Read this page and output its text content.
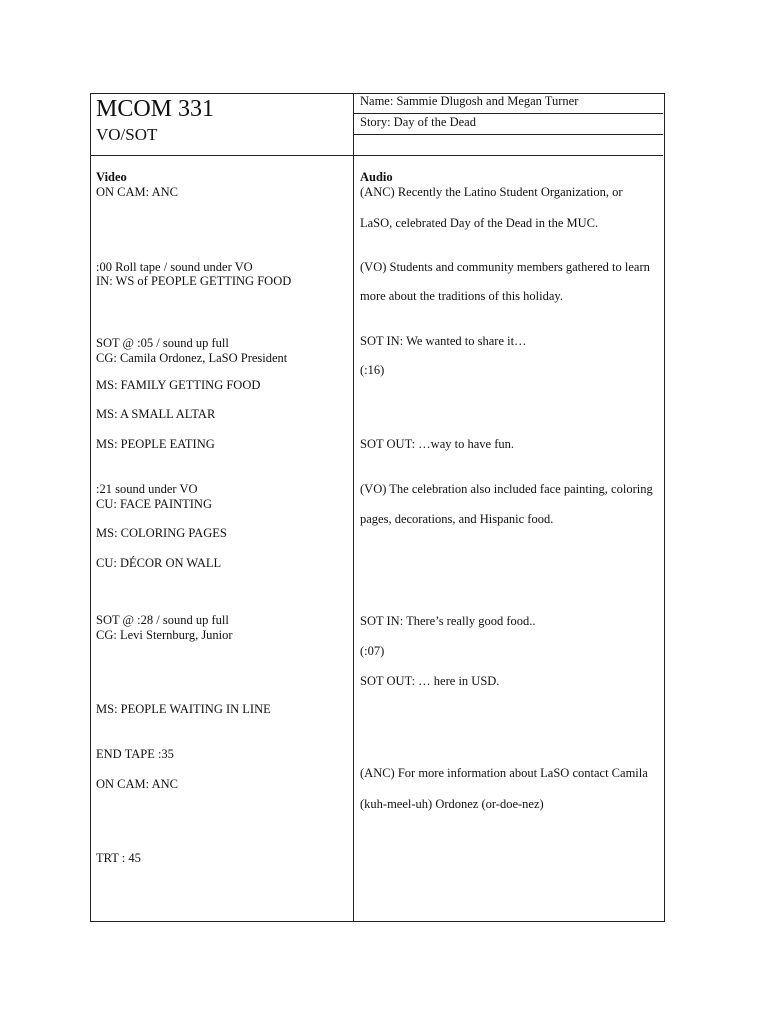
MCOM 331
VO/SOT
Name: Sammie Dlugosh and Megan Turner
Story: Day of the Dead
Video	Audio
ON CAM: ANC
:00 Roll tape / sound under VO
IN: WS of PEOPLE GETTING FOOD
SOT @ :05 / sound up full
CG: Camila Ordonez, LaSO President
MS: FAMILY GETTING FOOD
MS: A SMALL ALTAR
MS: PEOPLE EATING
:21 sound under VO
CU: FACE PAINTING
MS: COLORING PAGES
CU: DÉCOR ON WALL
SOT @ :28 / sound up full
CG: Levi Sternburg, Junior
MS: PEOPLE WAITING IN LINE
END TAPE :35
ON CAM: ANC
TRT : 45
(ANC) Recently the Latino Student Organization, or
LaSO, celebrated Day of the Dead in the MUC.
(VO) Students and community members gathered to learn
more about the traditions of this holiday.
SOT IN: We wanted to share it…
(:16)
SOT OUT: …way to have fun.
(VO) The celebration also included face painting, coloring
pages, decorations, and Hispanic food.
SOT IN: There’s really good food..
(:07)
SOT OUT: … here in USD.
(ANC) For more information about LaSO contact Camila
(kuh-meel-uh) Ordonez (or-doe-nez)
